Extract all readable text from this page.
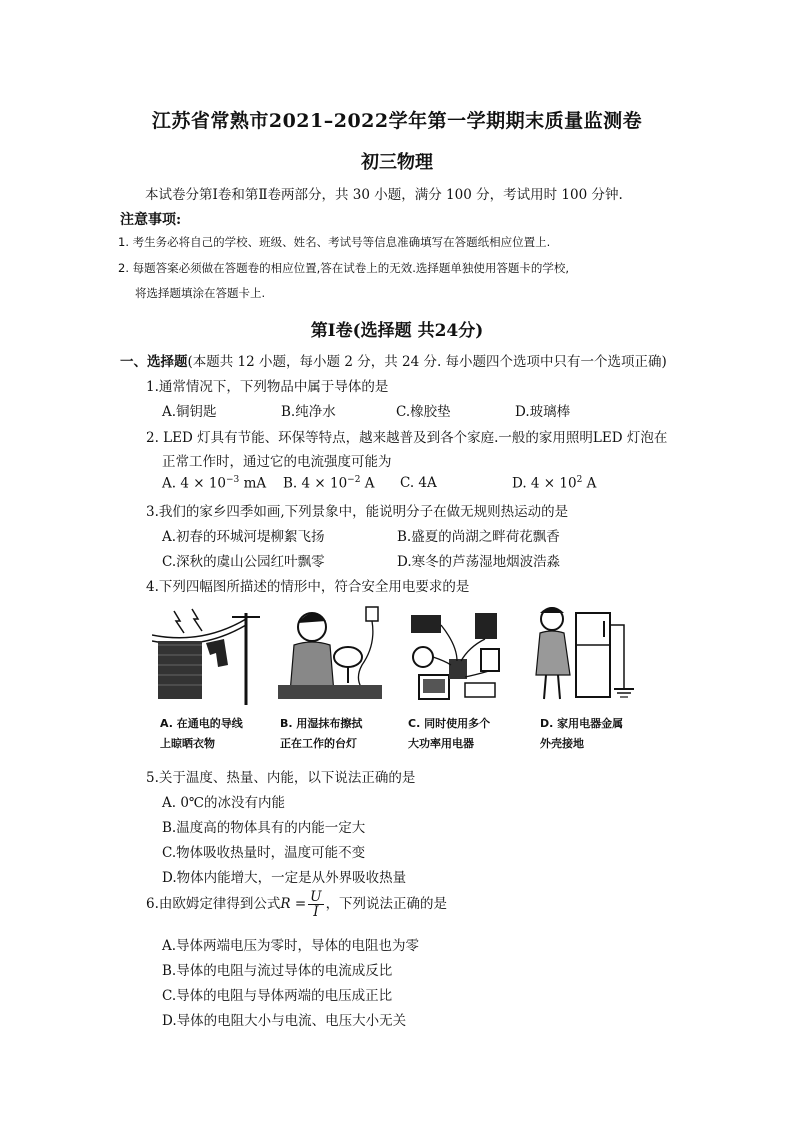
江苏省常熟市2021–2022学年第一学期期末质量监测卷
初三物理
本试卷分第Ⅰ卷和第Ⅱ卷两部分，共 30 小题，满分 100 分，考试用时 100 分钟.
注意事项:
1. 考生务必将自己的学校、班级、姓名、考试号等信息准确填写在答题纸相应位置上.
2. 每题答案必须做在答题卷的相应位置,答在试卷上的无效.选择题单独使用答题卡的学校,
将选择题填涂在答题卡上.
第Ⅰ卷(选择题 共24分)
一、选择题(本题共 12 小题，每小题 2 分，共 24 分. 每小题四个选项中只有一个选项正确)
1.通常情况下，下列物品中属于导体的是
A.铜钥匙	B.纯净水	C.橡胶垫	D.玻璃棒
2. LED 灯具有节能、环保等特点，越来越普及到各个家庭.一般的家用照明LED 灯泡在
正常工作时，通过它的电流强度可能为
A. $4 \times 10^{-3}$ mA B. $4 \times 10^{-2}$ A C. 4A	D. $4 \times 10^2$ A
3.我们的家乡四季如画,下列景象中，能说明分子在做无规则热运动的是
A.初春的环城河堤柳絮飞扬	B.盛夏的尚湖之畔荷花飘香
C.深秋的虞山公园红叶飘零	D.寒冬的芦荡湿地烟波浩淼
4.下列四幅图所描述的情形中，符合安全用电要求的是
A. 在通电的导线
上晾晒衣物
B. 用湿抹布擦拭
正在工作的台灯
C. 同时使用多个
大功率用电器
D. 家用电器金属
外壳接地
5.关于温度、热量、内能，以下说法正确的是
A. 0℃的冰没有内能
B.温度高的物体具有的内能一定大
C.物体吸收热量时，温度可能不变
D.物体内能增大，一定是从外界吸收热量
6.由欧姆定律得到公式$R = \frac{U}{I}$ ，下列说法正确的是
A.导体两端电压为零时，导体的电阻也为零
B.导体的电阻与流过导体的电流成反比
C.导体的电阻与导体两端的电压成正比
D.导体的电阻大小与电流、电压大小无关
